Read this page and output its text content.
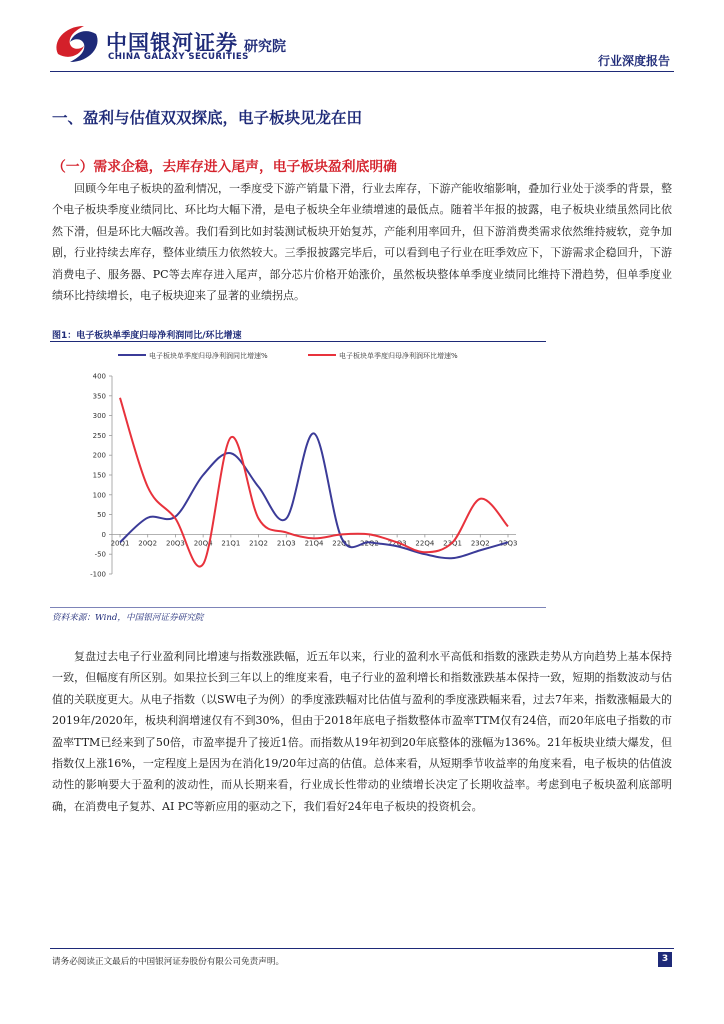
中国银河证券
CHINA GALAXY SECURITIES
研究院
行业深度报告
一、盈利与估值双双探底，电子板块见龙在田
（一）需求企稳，去库存进入尾声，电子板块盈利底明确

回顾今年电子板块的盈利情况，一季度受下游产销量下滑，行业去库存，下游产能收缩影响，叠加行业处于淡季的背景，整个电子板块季度业绩同比、环比均大幅下滑，是电子板块全年业绩增速的最低点。随着半年报的披露，电子板块业绩虽然同比依然下滑，但是环比大幅改善。我们看到比如封装测试板块开始复苏，产能利用率回升，但下游消费类需求依然维持疲软，竞争加剧，行业持续去库存，整体业绩压力依然较大。三季报披露完毕后，可以看到电子行业在旺季效应下，下游需求企稳回升，下游消费电子、服务器、PC等去库存进入尾声，部分芯片价格开始涨价，虽然板块整体单季度业绩同比维持下滑趋势，但单季度业绩环比持续增长，电子板块迎来了显著的业绩拐点。

图1：电子板块单季度归母净利润同比/环比增速
电子板块单季度归母净利润同比增速%	电子板块单季度归母净利润环比增速%
-100
-50
0
50
100
150
200
250
300
350
400
20Q1 20Q2 20Q3 20Q4 21Q1 21Q2 21Q3 21Q4 22Q1 22Q2 22Q3 22Q4 23Q1 23Q2 23Q3
资料来源：Wind，中国银河证券研究院

复盘过去电子行业盈利同比增速与指数涨跌幅，近五年以来，行业的盈利水平高低和指数的涨跌走势从方向趋势上基本保持一致，但幅度有所区别。如果拉长到三年以上的维度来看，电子行业的盈利增长和指数涨跌基本保持一致，短期的指数波动与估值的关联度更大。从电子指数（以SW电子为例）的季度涨跌幅对比估值与盈利的季度涨跌幅来看，过去7年来，指数涨幅最大的2019年/2020年，板块利润增速仅有不到30%，但由于2018年底电子指数整体市盈率TTM仅有24倍，而20年底电子指数的市盈率TTM已经来到了50倍，市盈率提升了接近1倍。而指数从19年初到20年底整体的涨幅为136%。21年板块业绩大爆发，但指数仅上涨16%，一定程度上是因为在消化19/20年过高的估值。总体来看，从短期季节收益率的角度来看，电子板块的估值波动性的影响要大于盈利的波动性，而从长期来看，行业成长性带动的业绩增长决定了长期收益率。考虑到电子板块盈利底部明确，在消费电子复苏、AI PC等新应用的驱动之下，我们看好24年电子板块的投资机会。

请务必阅读正文最后的中国银河证券股份有限公司免责声明。	3
